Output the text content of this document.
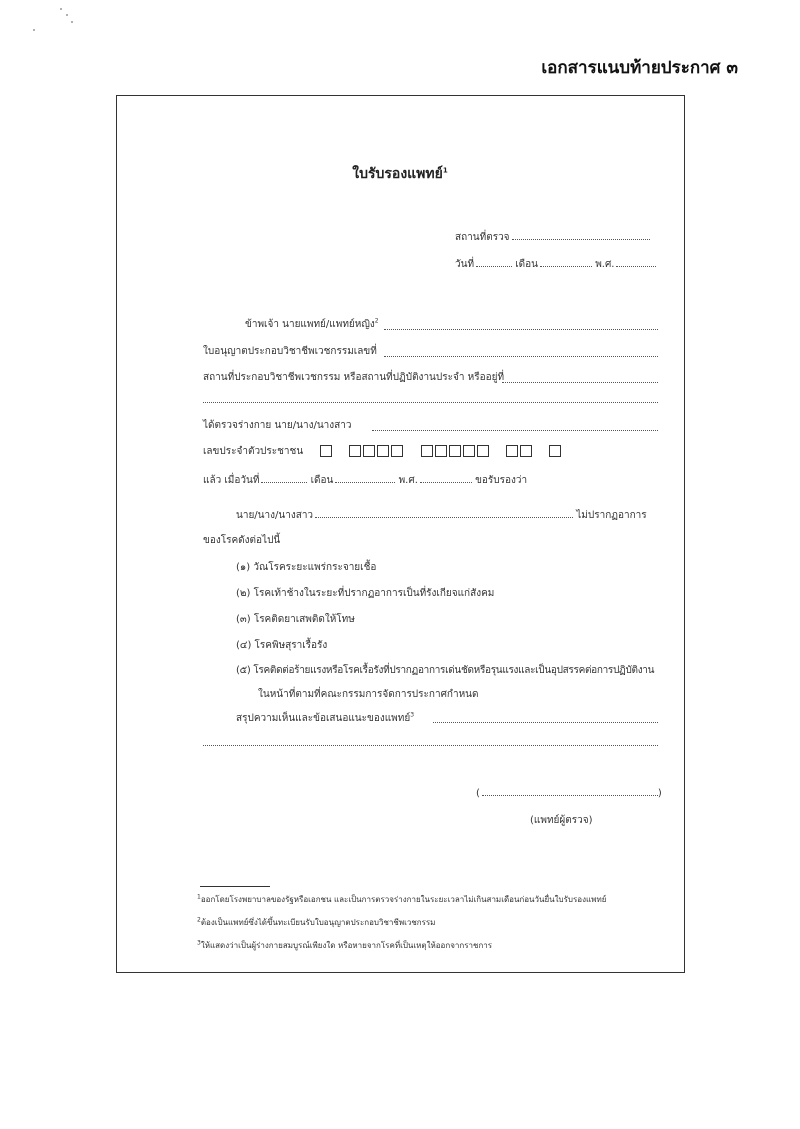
เอกสารแนบท้ายประกาศ ๓
ใบรับรองแพทย์$^1$
สถานที่ตรวจ
วันที่	เดือน	พ.ศ.
ข้าพเจ้า นายแพทย์/แพทย์หญิง$^2$
ใบอนุญาตประกอบวิชาชีพเวชกรรมเลขที่
สถานที่ประกอบวิชาชีพเวชกรรม หรือสถานที่ปฏิบัติงานประจำ หรืออยู่ที่
ได้ตรวจร่างกาย นาย/นาง/นางสาว
เลขประจำตัวประชาชน
แล้ว เมื่อวันที่	เดือน	พ.ศ.	ขอรับรองว่า
นาย/นาง/นางสาว	ไม่ปรากฏอาการ
ของโรคดังต่อไปนี้
(๑) วัณโรคระยะแพร่กระจายเชื้อ
(๒) โรคเท้าช้างในระยะที่ปรากฏอาการเป็นที่รังเกียจแก่สังคม
(๓) โรคติดยาเสพติดให้โทษ
(๔) โรคพิษสุราเรื้อรัง
(๕) โรคติดต่อร้ายแรงหรือโรคเรื้อรังที่ปรากฏอาการเด่นชัดหรือรุนแรงและเป็นอุปสรรคต่อการปฏิบัติงาน
ในหน้าที่ตามที่คณะกรรมการจัดการประกาศกำหนด
สรุปความเห็นและข้อเสนอแนะของแพทย์$^3$
(	)
(แพทย์ผู้ตรวจ)
$^1$ออกโดยโรงพยาบาลของรัฐหรือเอกชน และเป็นการตรวจร่างกายในระยะเวลาไม่เกินสามเดือนก่อนวันยื่นใบรับรองแพทย์
$^2$ต้องเป็นแพทย์ซึ่งได้ขึ้นทะเบียนรับใบอนุญาตประกอบวิชาชีพเวชกรรม
$^3$ให้แสดงว่าเป็นผู้ร่างกายสมบูรณ์เพียงใด หรือหายจากโรคที่เป็นเหตุให้ออกจากราชการ
